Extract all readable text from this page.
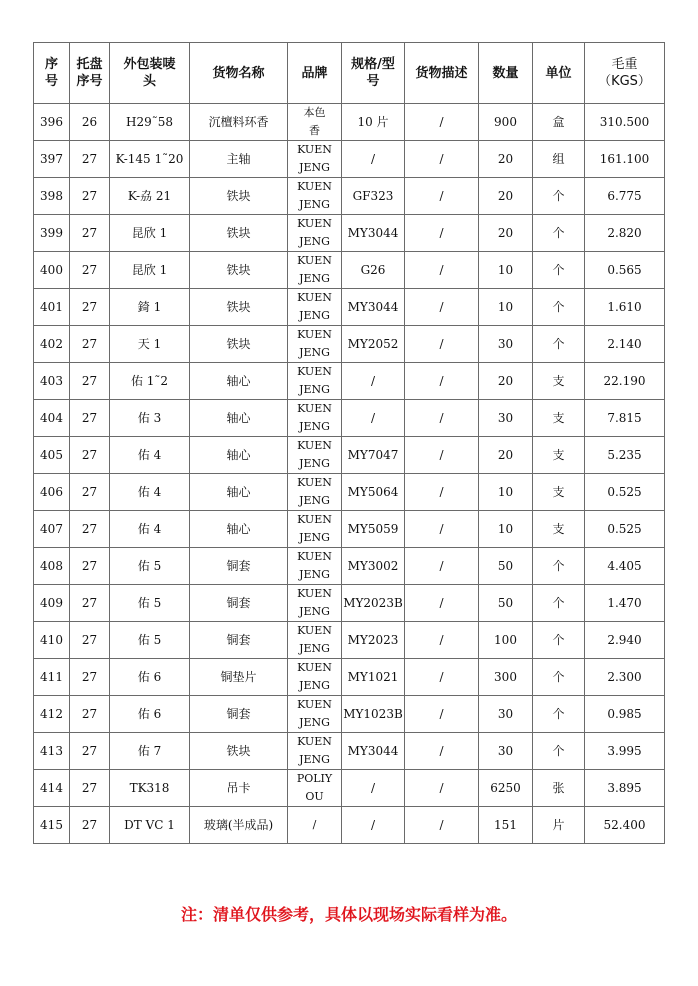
序
号	托盘
序号	外包装唛
头	货物名称	品牌	规格/型
号	货物描述	数量	单位	毛重
（KGS）
396	26	H29˜58	沉檀料环香	本色
香	10 片	/	900	盒	310.500
397	27	K-145 1˜20	主轴	KUEN
JENG	/	/	20	组	161.100
398	27	K-劦 21	铁块	KUEN
JENG	GF323	/	20	个	6.775
399	27	昆欣 1	铁块	KUEN
JENG	MY3044	/	20	个	2.820
400	27	昆欣 1	铁块	KUEN
JENG	G26	/	10	个	0.565
401	27	錡 1	铁块	KUEN
JENG	MY3044	/	10	个	1.610
402	27	天 1	铁块	KUEN
JENG	MY2052	/	30	个	2.140
403	27	佑 1˜2	轴心	KUEN
JENG	/	/	20	支	22.190
404	27	佑 3	轴心	KUEN
JENG	/	/	30	支	7.815
405	27	佑 4	轴心	KUEN
JENG	MY7047	/	20	支	5.235
406	27	佑 4	轴心	KUEN
JENG	MY5064	/	10	支	0.525
407	27	佑 4	轴心	KUEN
JENG	MY5059	/	10	支	0.525
408	27	佑 5	铜套	KUEN
JENG	MY3002	/	50	个	4.405
409	27	佑 5	铜套	KUEN
JENG	MY2023B	/	50	个	1.470
410	27	佑 5	铜套	KUEN
JENG	MY2023	/	100	个	2.940
411	27	佑 6	铜垫片	KUEN
JENG	MY1021	/	300	个	2.300
412	27	佑 6	铜套	KUEN
JENG	MY1023B	/	30	个	0.985
413	27	佑 7	铁块	KUEN
JENG	MY3044	/	30	个	3.995
414	27	TK318	吊卡	POLIY
OU	/	/	6250	张	3.895
415	27	DT VC 1	玻璃(半成品)	/	/	/	151	片	52.400
注：清单仅供参考，具体以现场实际看样为准。
